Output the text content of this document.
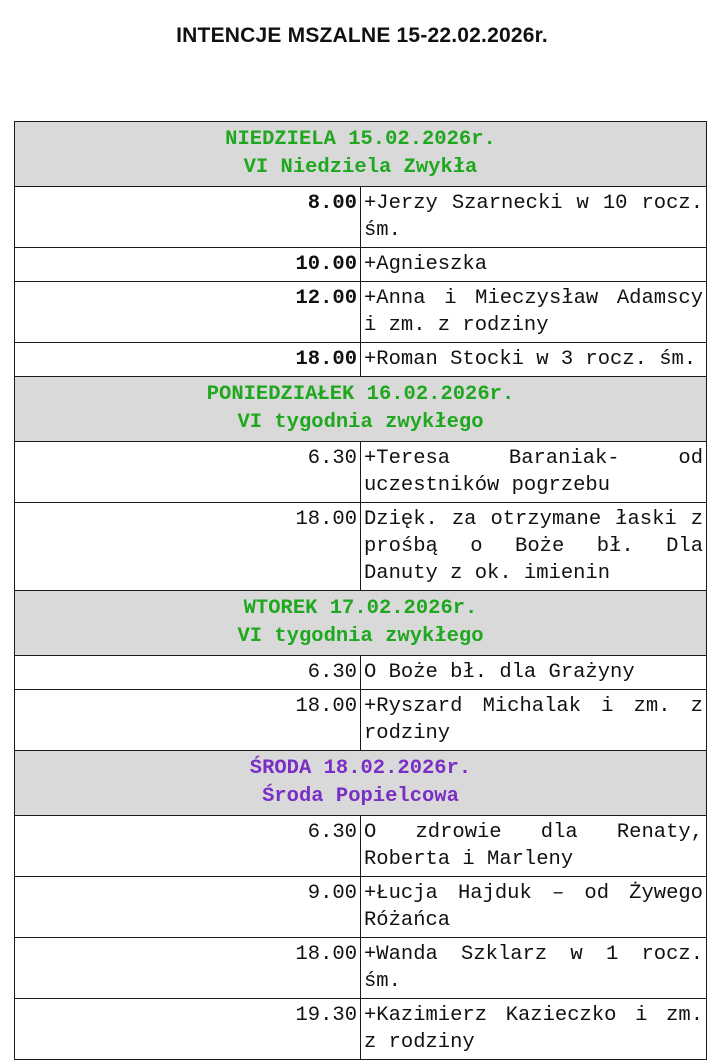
INTENCJE MSZALNE 15-22.02.2026r.
NIEDZIELA 15.02.2026r.
VI Niedziela Zwykła	

8.00	+Jerzy Szarnecki w 10 rocz. śm.
10.00	+Agnieszka
12.00	+Anna i Mieczysław Adamscy i zm. z rodziny
18.00	+Roman Stocki w 3 rocz. śm.

PONIEDZIAŁEK 16.02.2026r.
VI tygodnia zwykłego	

6.30	+Teresa Baraniak- od uczestników pogrzebu
18.00	Dzięk. za otrzymane łaski z prośbą o Boże bł. Dla Danuty z ok. imienin

WTOREK 17.02.2026r.
VI tygodnia zwykłego	

6.30	O Boże bł. dla Grażyny
18.00	+Ryszard Michalak i zm. z rodziny

ŚRODA 18.02.2026r.
Środa Popielcowa	

6.30	O zdrowie dla Renaty, Roberta i Marleny
9.00	+Łucja Hajduk – od Żywego Różańca
18.00	+Wanda Szklarz w 1 rocz. śm.
19.30	+Kazimierz Kazieczko i zm. z rodziny
